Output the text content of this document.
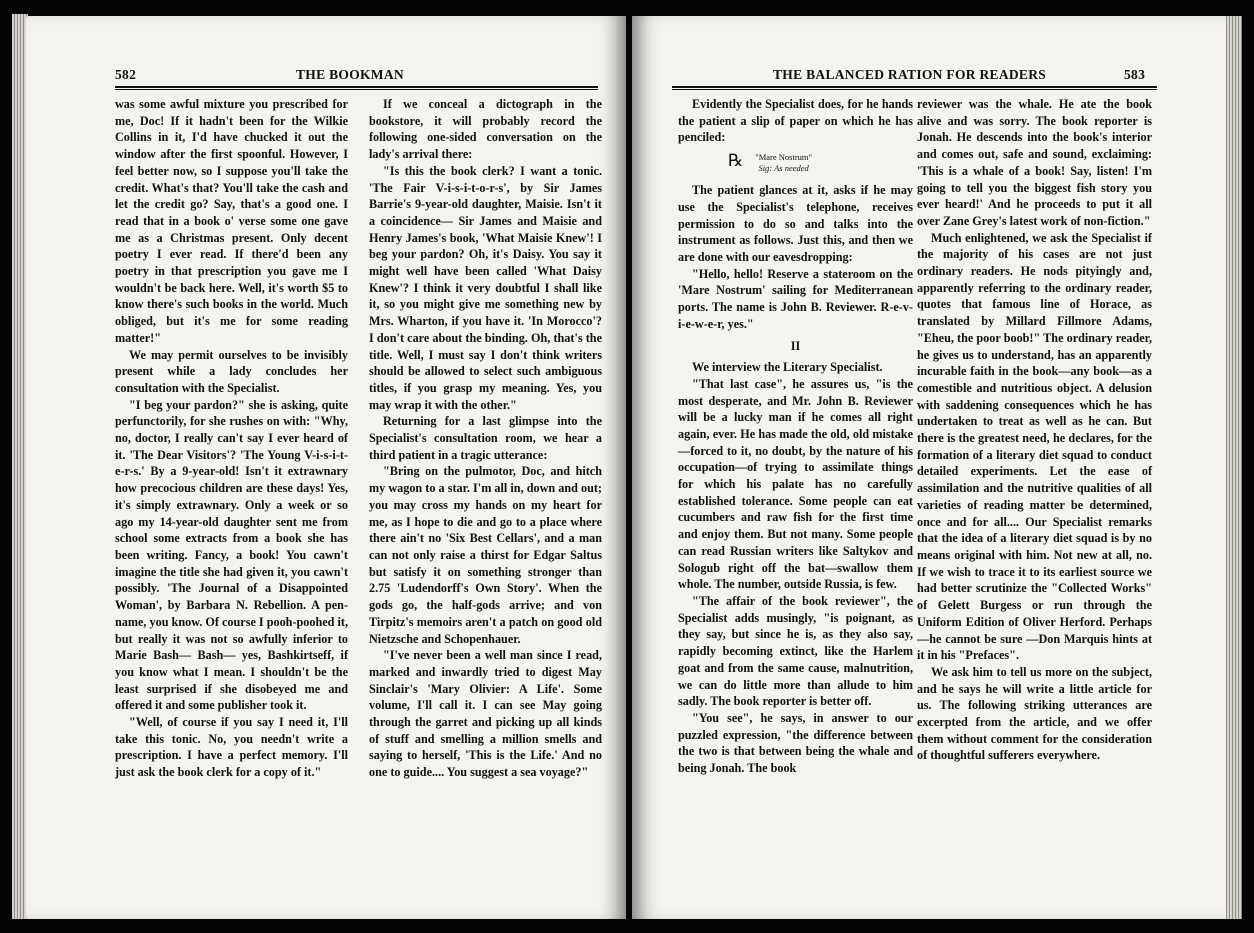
582	THE BOOKMAN

was some awful mixture you prescribed for me, Doc! If it hadn't been for the Wilkie Collins in it, I'd have chucked it out the window after the first spoonful. However, I feel better now, so I suppose you'll take the credit. What's that? You'll take the cash and let the credit go? Say, that's a good one. I read that in a book o' verse some one gave me as a Christmas present. Only decent poetry I ever read. If there'd been any poetry in that prescription you gave me I wouldn't be back here. Well, it's worth $5 to know there's such books in the world. Much obliged, but it's me for some reading matter!"

We may permit ourselves to be invisibly present while a lady concludes her consultation with the Specialist.

"I beg your pardon?" she is asking, quite perfunctorily, for she rushes on with: "Why, no, doctor, I really can't say I ever heard of it. 'The Dear Visitors'? 'The Young V-i-s-i-t-e-r-s.' By a 9-year-old! Isn't it extrawnary how precocious children are these days! Yes, it's simply extrawnary. Only a week or so ago my 14-year-old daughter sent me from school some extracts from a book she has been writing. Fancy, a book! You cawn't imagine the title she had given it, you cawn't possibly. 'The Journal of a Disappointed Woman', by Barbara N. Rebellion. A pen-name, you know. Of course I pooh-poohed it, but really it was not so awfully inferior to Marie Bash— Bash— yes, Bashkirtseff, if you know what I mean. I shouldn't be the least surprised if she disobeyed me and offered it and some publisher took it.

"Well, of course if you say I need it, I'll take this tonic. No, you needn't write a prescription. I have a perfect memory. I'll just ask the book clerk for a copy of it."

If we conceal a dictograph in the bookstore, it will probably record the following one-sided conversation on the lady's arrival there:

"Is this the book clerk? I want a tonic. 'The Fair V-i-s-i-t-o-r-s', by Sir James Barrie's 9-year-old daughter, Maisie. Isn't it a coincidence— Sir James and Maisie and Henry James's book, 'What Maisie Knew'! I beg your pardon? Oh, it's Daisy. You say it might well have been called 'What Daisy Knew'? I think it very doubtful I shall like it, so you might give me something new by Mrs. Wharton, if you have it. 'In Morocco'? I don't care about the binding. Oh, that's the title. Well, I must say I don't think writers should be allowed to select such ambiguous titles, if you grasp my meaning. Yes, you may wrap it with the other."

Returning for a last glimpse into the Specialist's consultation room, we hear a third patient in a tragic utterance:

"Bring on the pulmotor, Doc, and hitch my wagon to a star. I'm all in, down and out; you may cross my hands on my heart for me, as I hope to die and go to a place where there ain't no 'Six Best Cellars', and a man can not only raise a thirst for Edgar Saltus but satisfy it on something stronger than 2.75 'Ludendorff's Own Story'. When the gods go, the half-gods arrive; and von Tirpitz's memoirs aren't a patch on good old Nietzsche and Schopenhauer.

"I've never been a well man since I read, marked and inwardly tried to digest May Sinclair's 'Mary Olivier: A Life'. Some volume, I'll call it. I can see May going through the garret and picking up all kinds of stuff and smelling a million smells and saying to herself, 'This is the Life.' And no one to guide.... You suggest a sea voyage?"

THE BALANCED RATION FOR READERS	583

Evidently the Specialist does, for he hands the patient a slip of paper on which he has penciled:

℞ "Mare Nostrum"
Sig: As needed

The patient glances at it, asks if he may use the Specialist's telephone, receives permission to do so and talks into the instrument as follows. Just this, and then we are done with our eavesdropping:

"Hello, hello! Reserve a stateroom on the 'Mare Nostrum' sailing for Mediterranean ports. The name is John B. Reviewer. R-e-v-i-e-w-e-r, yes."

II

We interview the Literary Specialist.

"That last case", he assures us, "is the most desperate, and Mr. John B. Reviewer will be a lucky man if he comes all right again, ever. He has made the old, old mistake—forced to it, no doubt, by the nature of his occupation—of trying to assimilate things for which his palate has no carefully established tolerance. Some people can eat cucumbers and raw fish for the first time and enjoy them. But not many. Some people can read Russian writers like Saltykov and Sologub right off the bat—swallow them whole. The number, outside Russia, is few.

"The affair of the book reviewer", the Specialist adds musingly, "is poignant, as they say, but since he is, as they also say, rapidly becoming extinct, like the Harlem goat and from the same cause, malnutrition, we can do little more than allude to him sadly. The book reporter is better off.

"You see", he says, in answer to our puzzled expression, "the difference between the two is that between being the whale and being Jonah. The book

reviewer was the whale. He ate the book alive and was sorry. The book reporter is Jonah. He descends into the book's interior and comes out, safe and sound, exclaiming: 'This is a whale of a book! Say, listen! I'm going to tell you the biggest fish story you ever heard!' And he proceeds to put it all over Zane Grey's latest work of non-fiction."

Much enlightened, we ask the Specialist if the majority of his cases are not just ordinary readers. He nods pityingly and, apparently referring to the ordinary reader, quotes that famous line of Horace, as translated by Millard Fillmore Adams, "Eheu, the poor boob!" The ordinary reader, he gives us to understand, has an apparently incurable faith in the book—any book—as a comestible and nutritious object. A delusion with saddening consequences which he has undertaken to treat as well as he can. But there is the greatest need, he declares, for the formation of a literary diet squad to conduct detailed experiments. Let the ease of assimilation and the nutritive qualities of all varieties of reading matter be determined, once and for all.... Our Specialist remarks that the idea of a literary diet squad is by no means original with him. Not new at all, no. If we wish to trace it to its earliest source we had better scrutinize the "Collected Works" of Gelett Burgess or run through the Uniform Edition of Oliver Herford. Perhaps—he cannot be sure —Don Marquis hints at it in his "Prefaces".

We ask him to tell us more on the subject, and he says he will write a little article for us. The following striking utterances are excerpted from the article, and we offer them without comment for the consideration of thoughtful sufferers everywhere.
